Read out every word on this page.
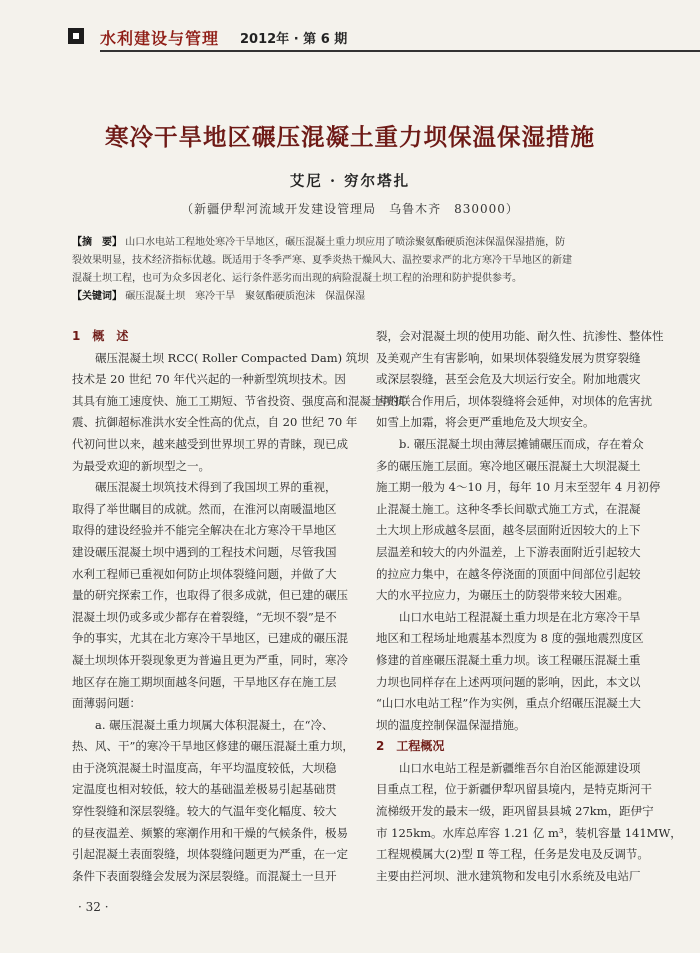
水利建设与管理 2012年 · 第 6 期
寒冷干旱地区碾压混凝土重力坝保温保湿措施
艾尼 · 穷尔塔扎
（新疆伊犁河流域开发建设管理局　乌鲁木齐　830000）
【摘　要】 山口水电站工程地处寒冷干旱地区，碾压混凝土重力坝应用了喷涂聚氨酯硬质泡沫保温保湿措施，防
裂效果明显，技术经济指标优越。既适用于冬季严寒、夏季炎热干燥风大、温控要求严的北方寒冷干旱地区的新建
混凝土坝工程，也可为众多因老化、运行条件恶劣而出现的病险混凝土坝工程的治理和防护提供参考。
【关键词】 碾压混凝土坝　寒冷干旱　聚氨酯硬质泡沫　保温保湿
1　概　述
碾压混凝土坝 RCC( Roller Compacted Dam) 筑坝
技术是 20 世纪 70 年代兴起的一种新型筑坝技术。因
其具有施工速度快、施工工期短、节省投资、强度高和混凝土坝抗
震、抗御超标准洪水安全性高的优点，自 20 世纪 70 年
代初问世以来，越来越受到世界坝工界的青睐，现已成
为最受欢迎的新坝型之一。
碾压混凝土坝筑技术得到了我国坝工界的重视，
取得了举世瞩目的成就。然而，在淮河以南暖温地区
取得的建设经验并不能完全解决在北方寒冷干旱地区
建设碾压混凝土坝中遇到的工程技术问题，尽管我国
水利工程师已重视如何防止坝体裂缝问题，并做了大
量的研究探索工作，也取得了很多成就，但已建的碾压
混凝土坝仍或多或少都存在着裂缝，“无坝不裂”是不
争的事实，尤其在北方寒冷干旱地区，已建成的碾压混
凝土坝坝体开裂现象更为普遍且更为严重，同时，寒冷
地区存在施工期坝面越冬问题，干旱地区存在施工层
面薄弱问题：
a. 碾压混凝土重力坝属大体积混凝土，在“冷、
热、风、干”的寒冷干旱地区修建的碾压混凝土重力坝，
由于浇筑混凝土时温度高，年平均温度较低，大坝稳
定温度也相对较低，较大的基础温差极易引起基础贯
穿性裂缝和深层裂缝。较大的气温年变化幅度、较大
的昼夜温差、频繁的寒潮作用和干燥的气候条件，极易
引起混凝土表面裂缝，坝体裂缝问题更为严重，在一定
条件下表面裂缝会发展为深层裂缝。而混凝土一旦开
裂，会对混凝土坝的使用功能、耐久性、抗渗性、整体性
及美观产生有害影响，如果坝体裂缝发展为贯穿裂缝
或深层裂缝，甚至会危及大坝运行安全。附加地震灾
害的联合作用后，坝体裂缝将会延伸，对坝体的危害扰
如雪上加霜，将会更严重地危及大坝安全。
b. 碾压混凝土坝由薄层摊铺碾压而成，存在着众
多的碾压施工层面。寒冷地区碾压混凝土大坝混凝土
施工期一般为 4～10 月，每年 10 月末至翌年 4 月初停
止混凝土施工。这种冬季长间歇式施工方式，在混凝
土大坝上形成越冬层面，越冬层面附近因较大的上下
层温差和较大的内外温差，上下游表面附近引起较大
的拉应力集中，在越冬停浇面的顶面中间部位引起较
大的水平拉应力，为碾压土的防裂带来较大困难。
山口水电站工程混凝土重力坝是在北方寒冷干旱
地区和工程场址地震基本烈度为 8 度的强地震烈度区
修建的首座碾压混凝土重力坝。该工程碾压混凝土重
力坝也同样存在上述两项问题的影响，因此，本文以
“山口水电站工程”作为实例，重点介绍碾压混凝土大
坝的温度控制保温保湿措施。
2　工程概况
山口水电站工程是新疆维吾尔自治区能源建设项
目重点工程，位于新疆伊犁巩留县境内，是特克斯河干
流梯级开发的最末一级，距巩留县县城 27km，距伊宁
市 125km。水库总库容 1.21 亿 m³，装机容量 141MW，
工程规模属大(2)型 Ⅱ 等工程，任务是发电及反调节。
主要由拦河坝、泄水建筑物和发电引水系统及电站厂
· 32 ·
